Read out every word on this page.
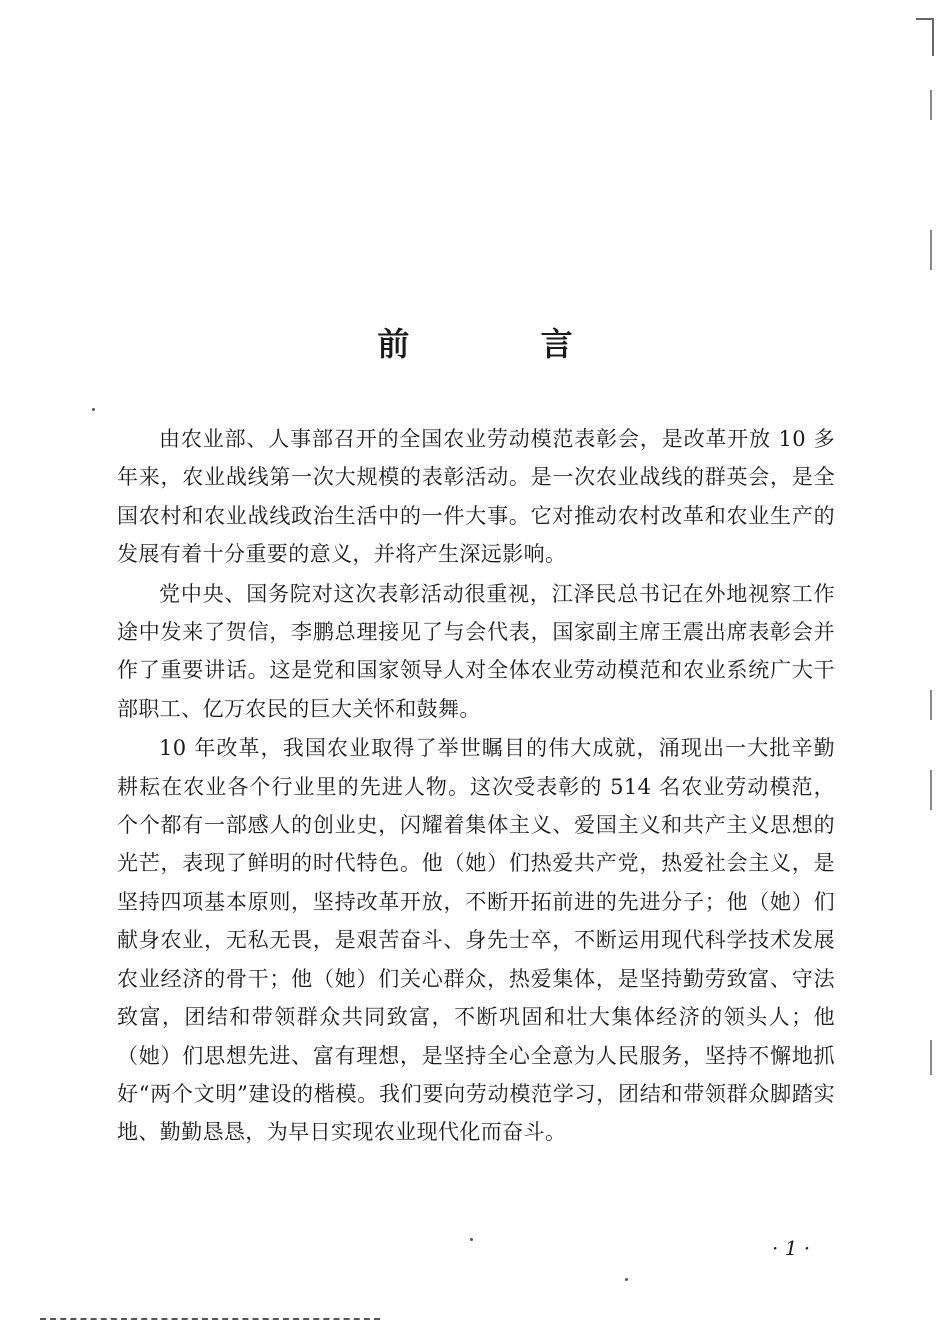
前 言

由农业部、人事部召开的全国农业劳动模范表彰会，是改革开放 10 多年来，农业战线第一次大规模的表彰活动。是一次农业战线的群英会，是全国农村和农业战线政治生活中的一件大事。它对推动农村改革和农业生产的发展有着十分重要的意义，并将产生深远影响。

党中央、国务院对这次表彰活动很重视，江泽民总书记在外地视察工作途中发来了贺信，李鹏总理接见了与会代表，国家副主席王震出席表彰会并作了重要讲话。这是党和国家领导人对全体农业劳动模范和农业系统广大干部职工、亿万农民的巨大关怀和鼓舞。

10 年改革，我国农业取得了举世瞩目的伟大成就，涌现出一大批辛勤耕耘在农业各个行业里的先进人物。这次受表彰的 514 名农业劳动模范，个个都有一部感人的创业史，闪耀着集体主义、爱国主义和共产主义思想的光芒，表现了鲜明的时代特色。他（她）们热爱共产党，热爱社会主义，是坚持四项基本原则，坚持改革开放，不断开拓前进的先进分子；他（她）们献身农业，无私无畏，是艰苦奋斗、身先士卒，不断运用现代科学技术发展农业经济的骨干；他（她）们关心群众，热爱集体，是坚持勤劳致富、守法致富，团结和带领群众共同致富，不断巩固和壮大集体经济的领头人；他（她）们思想先进、富有理想，是坚持全心全意为人民服务，坚持不懈地抓好“两个文明”建设的楷模。我们要向劳动模范学习，团结和带领群众脚踏实地、勤勤恳恳，为早日实现农业现代化而奋斗。

· 1 ·
